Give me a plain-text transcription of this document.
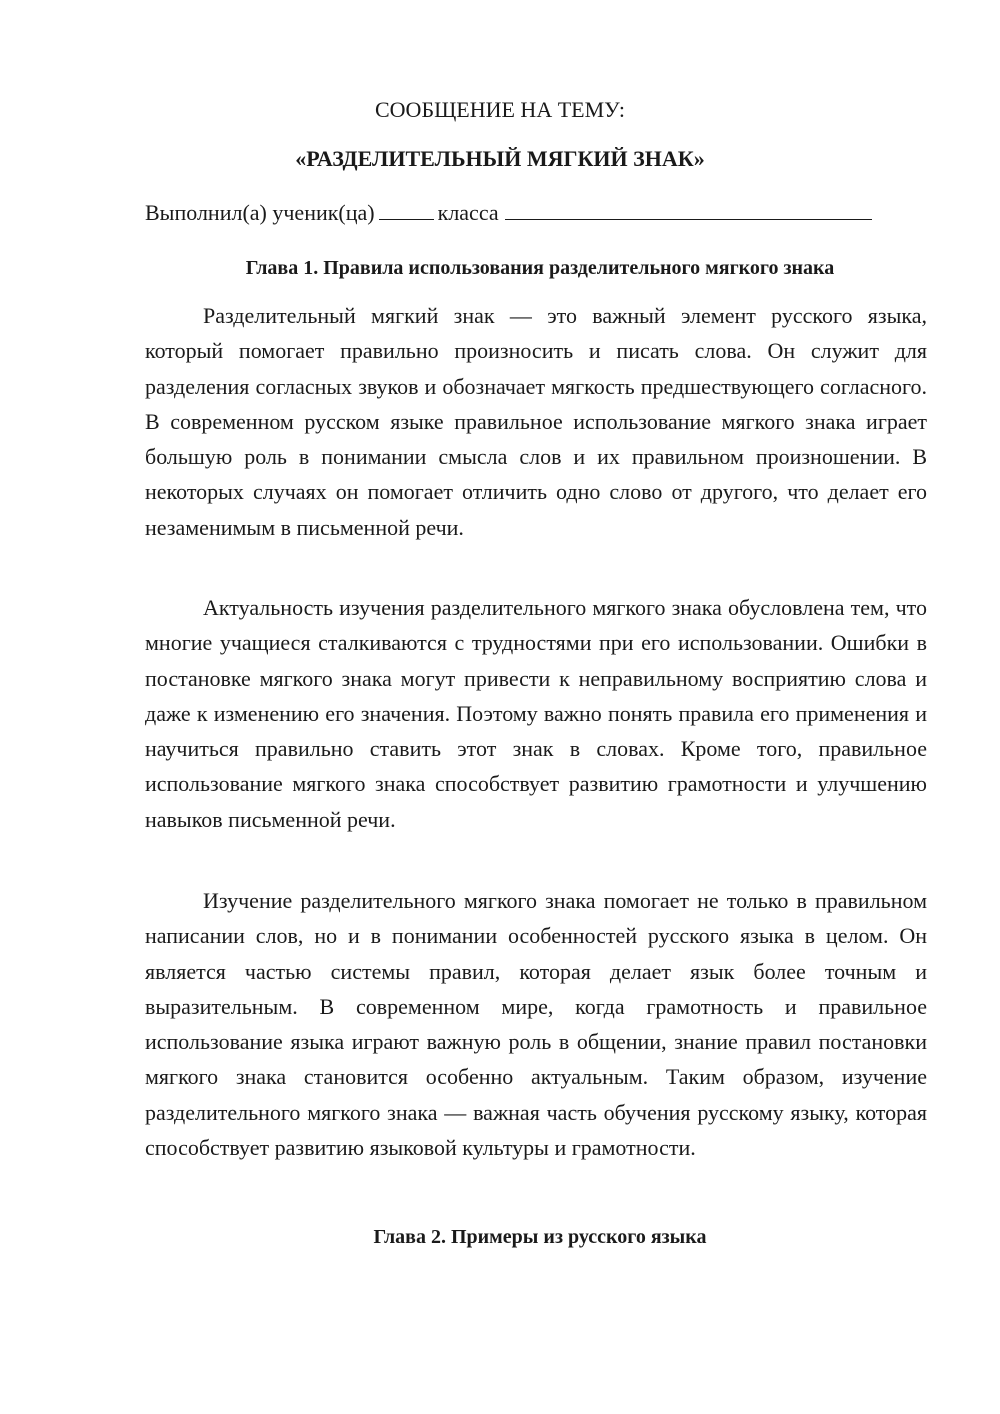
СООБЩЕНИЕ НА ТЕМУ:
«РАЗДЕЛИТЕЛЬНЫЙ МЯГКИЙ ЗНАК»
Выполнил(а) ученик(ца)	класса
Глава 1. Правила использования разделительного мягкого знака

Разделительный мягкий знак — это важный элемент русского языка, который помогает правильно произносить и писать слова. Он служит для разделения согласных звуков и обозначает мягкость предшествующего согласного. В современном русском языке правильное использование мягкого знака играет большую роль в понимании смысла слов и их правильном произношении. В некоторых случаях он помогает отличить одно слово от другого, что делает его незаменимым в письменной речи.

Актуальность изучения разделительного мягкого знака обусловлена тем, что многие учащиеся сталкиваются с трудностями при его использовании. Ошибки в постановке мягкого знака могут привести к неправильному восприятию слова и даже к изменению его значения. Поэтому важно понять правила его применения и научиться правильно ставить этот знак в словах. Кроме того, правильное использование мягкого знака способствует развитию грамотности и улучшению навыков письменной речи.

Изучение разделительного мягкого знака помогает не только в правильном написании слов, но и в понимании особенностей русского языка в целом. Он является частью системы правил, которая делает язык более точным и выразительным. В современном мире, когда грамотность и правильное использование языка играют важную роль в общении, знание правил постановки мягкого знака становится особенно актуальным. Таким образом, изучение разделительного мягкого знака — важная часть обучения русскому языку, которая способствует развитию языковой культуры и грамотности.

Глава 2. Примеры из русского языка
